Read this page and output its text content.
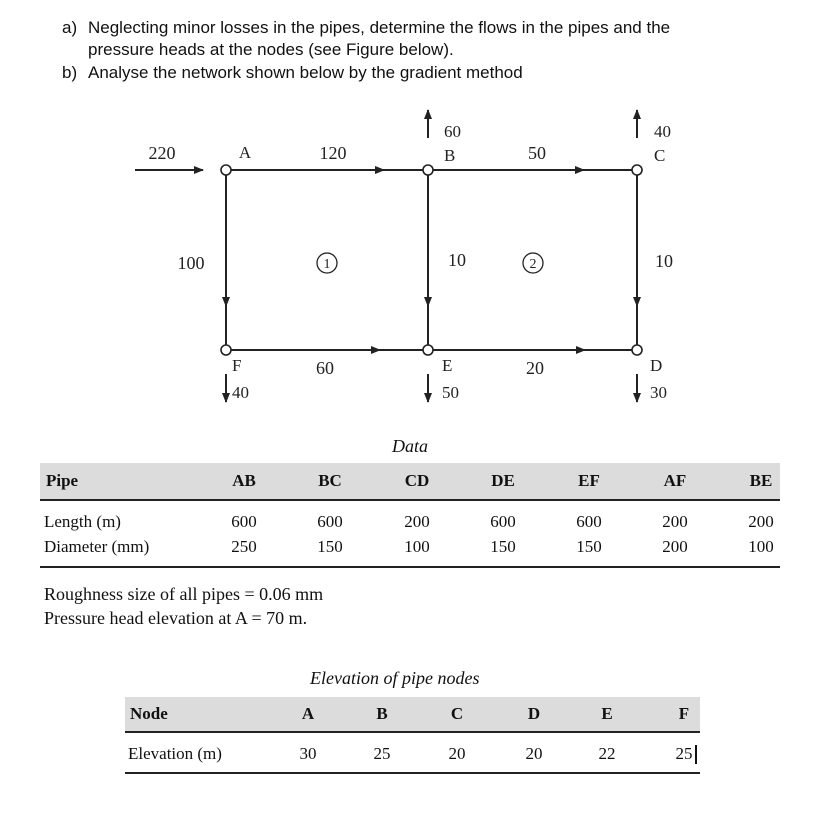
a) Neglecting minor losses in the pipes, determine the flows in the pipes and the
pressure heads at the nodes (see Figure below).
b) Analyse the network shown below by the gradient method
1	2
A	B	C
F	E	D
220	120	50
100	10	10
60	20
60	40
40	50	30
Data
Pipe	AB	BC	CD	DE	EF	AF	BE
Length (m)	600	600	200	600	600	200	200
Diameter (mm)	250	150	100	150	150	200	100
Roughness size of all pipes = 0.06 mm
Pressure head elevation at A = 70 m.
Elevation of pipe nodes
Node	A	B	C	D	E	F
Elevation (m)	30	25	20	20	22	25
